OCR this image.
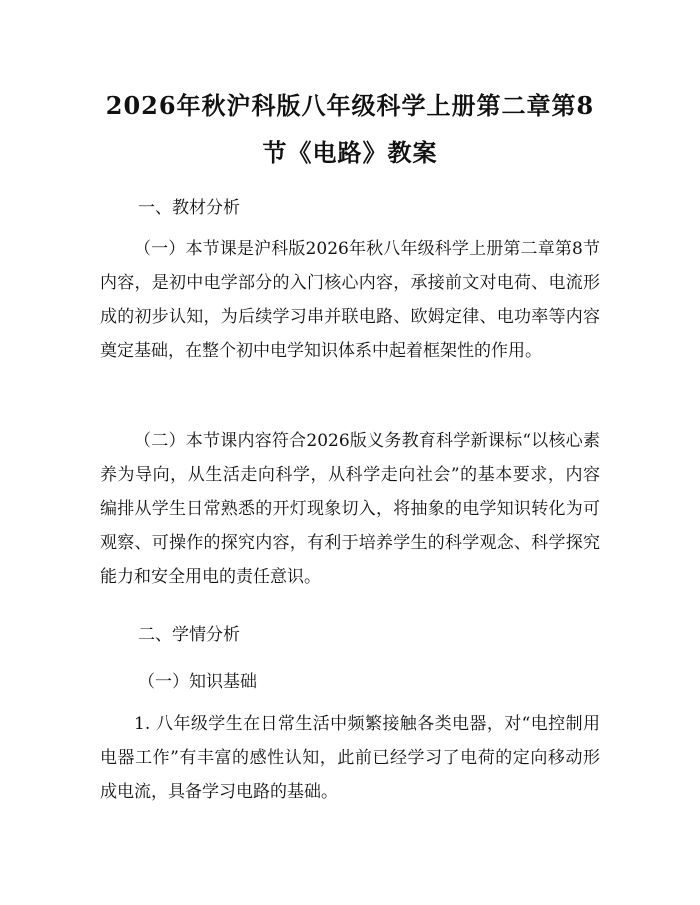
2026年秋沪科版八年级科学上册第二章第8
节《电路》教案
一、教材分析
（一）本节课是沪科版2026年秋八年级科学上册第二章第8节内容，是初中电学部分的入门核心内容，承接前文对电荷、电流形成的初步认知，为后续学习串并联电路、欧姆定律、电功率等内容奠定基础，在整个初中电学知识体系中起着框架性的作用。
（二）本节课内容符合2026版义务教育科学新课标“以核心素养为导向，从生活走向科学，从科学走向社会”的基本要求，内容编排从学生日常熟悉的开灯现象切入，将抽象的电学知识转化为可观察、可操作的探究内容，有利于培养学生的科学观念、科学探究能力和安全用电的责任意识。
二、学情分析
（一）知识基础
1. 八年级学生在日常生活中频繁接触各类电器，对“电控制用电器工作”有丰富的感性认知，此前已经学习了电荷的定向移动形成电流，具备学习电路的基础。
